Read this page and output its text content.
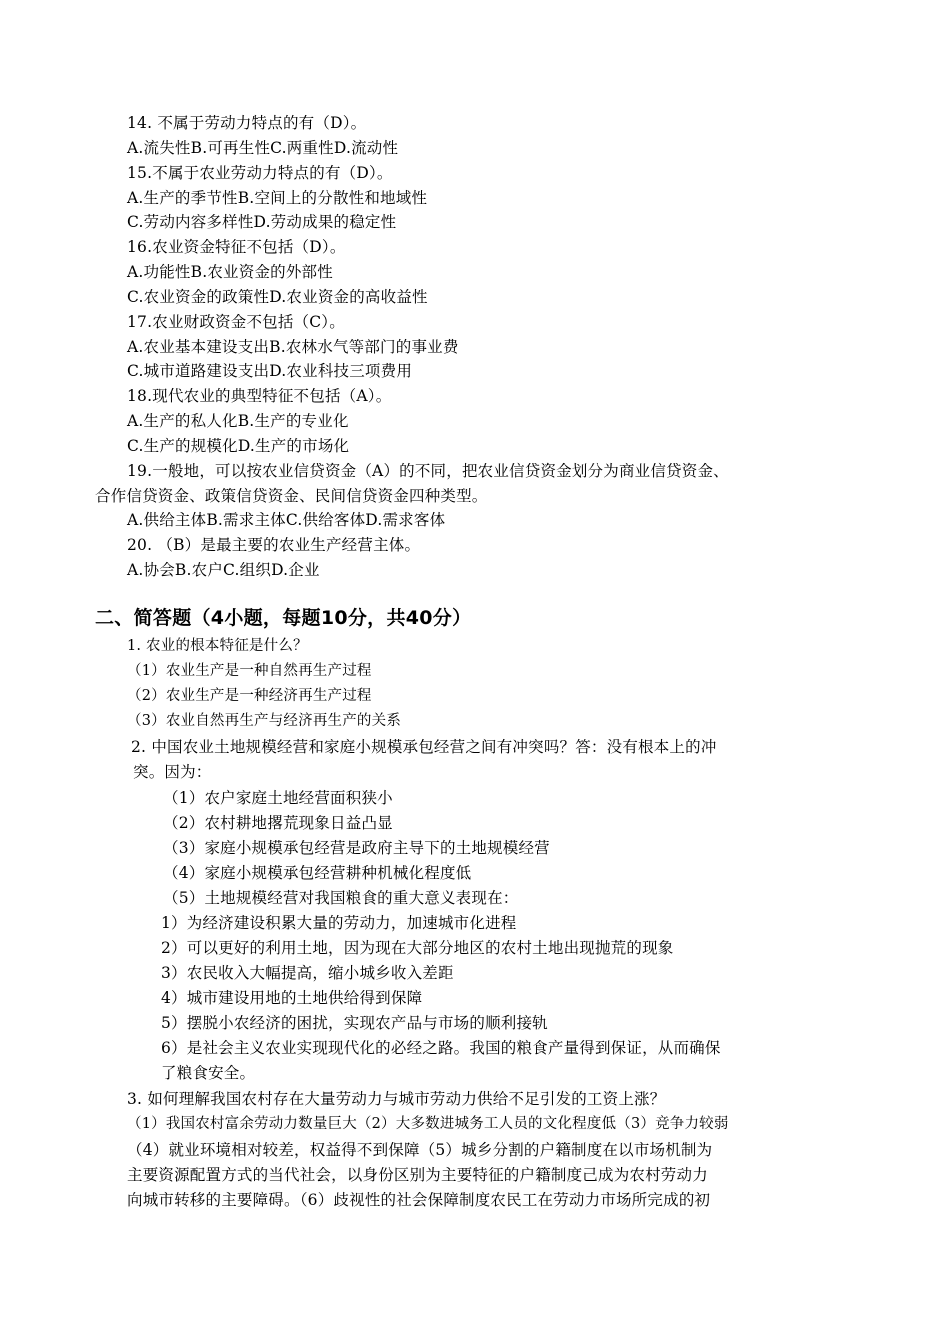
14. 不属于劳动力特点的有（D）。
A.流失性B.可再生性C.两重性D.流动性
15.不属于农业劳动力特点的有（D）。
A.生产的季节性B.空间上的分散性和地域性
C.劳动内容多样性D.劳动成果的稳定性
16.农业资金特征不包括（D）。
A.功能性B.农业资金的外部性
C.农业资金的政策性D.农业资金的高收益性
17.农业财政资金不包括（C）。
A.农业基本建设支出B.农林水气等部门的事业费
C.城市道路建设支出D.农业科技三项费用
18.现代农业的典型特征不包括（A）。
A.生产的私人化B.生产的专业化
C.生产的规模化D.生产的市场化
19.一般地，可以按农业信贷资金（A）的不同，把农业信贷资金划分为商业信贷资金、
合作信贷资金、政策信贷资金、民间信贷资金四种类型。
A.供给主体B.需求主体C.供给客体D.需求客体
20. （B）是最主要的农业生产经营主体。
A.协会B.农户C.组织D.企业
二、简答题（4小题，每题10分，共40分）
1. 农业的根本特征是什么？
（1）农业生产是一种自然再生产过程
（2）农业生产是一种经济再生产过程
（3）农业自然再生产与经济再生产的关系
2. 中国农业土地规模经营和家庭小规模承包经营之间有冲突吗？答：没有根本上的冲
突。因为：
（1）农户家庭土地经营面积狭小
（2）农村耕地撂荒现象日益凸显
（3）家庭小规模承包经营是政府主导下的土地规模经营
（4）家庭小规模承包经营耕种机械化程度低
（5）土地规模经营对我国粮食的重大意义表现在：
1）为经济建设积累大量的劳动力，加速城市化进程
2）可以更好的利用土地，因为现在大部分地区的农村土地出现抛荒的现象
3）农民收入大幅提高，缩小城乡收入差距
4）城市建设用地的土地供给得到保障
5）摆脱小农经济的困扰，实现农产品与市场的顺利接轨
6）是社会主义农业实现现代化的必经之路。我国的粮食产量得到保证，从而确保
了粮食安全。
3. 如何理解我国农村存在大量劳动力与城市劳动力供给不足引发的工资上涨？
（1）我国农村富余劳动力数量巨大（2）大多数进城务工人员的文化程度低（3）竞争力较弱
（4）就业环境相对较差，权益得不到保障（5）城乡分割的户籍制度在以市场机制为
主要资源配置方式的当代社会，以身份区别为主要特征的户籍制度己成为农村劳动力
向城市转移的主要障碍。（6）歧视性的社会保障制度农民工在劳动力市场所完成的初
